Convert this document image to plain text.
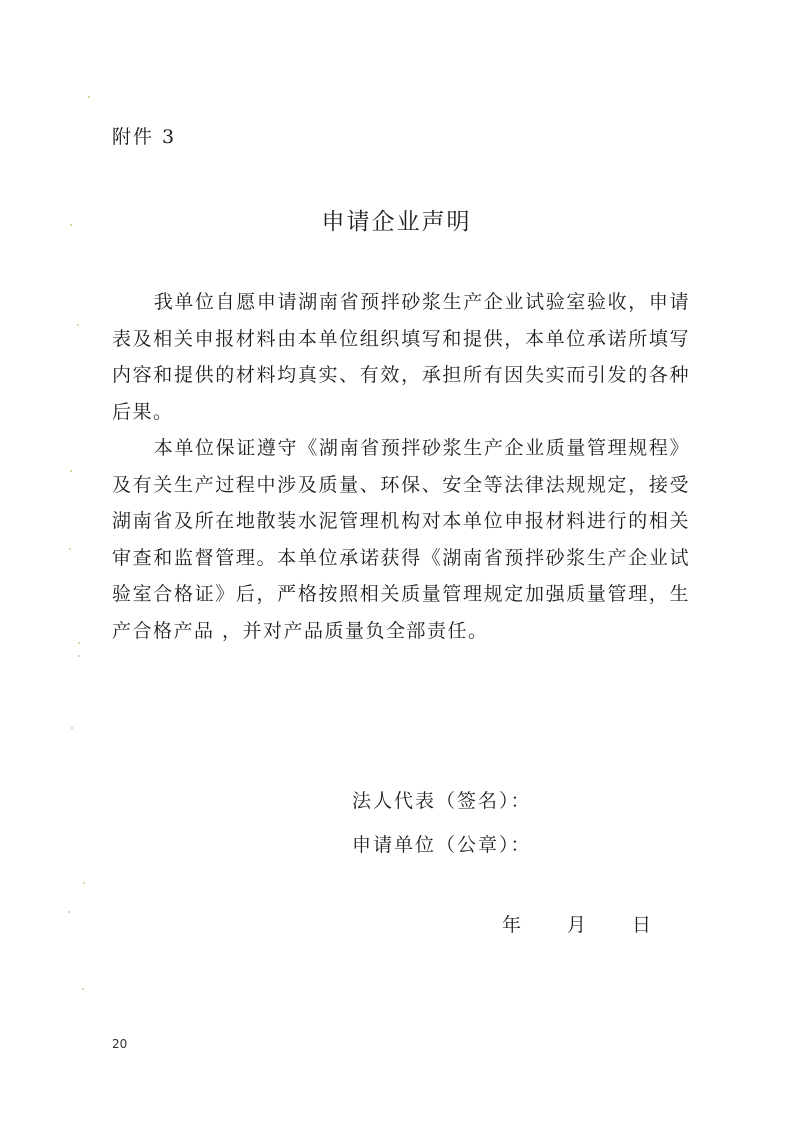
附件 3
申请企业声明

我单位自愿申请湖南省预拌砂浆生产企业试验室验收，申请表及相关申报材料由本单位组织填写和提供，本单位承诺所填写内容和提供的材料均真实、有效，承担所有因失实而引发的各种后果。

本单位保证遵守《湖南省预拌砂浆生产企业质量管理规程》及有关生产过程中涉及质量、环保、安全等法律法规规定，接受湖南省及所在地散装水泥管理机构对本单位申报材料进行的相关审查和监督管理。本单位承诺获得《湖南省预拌砂浆生产企业试验室合格证》后，严格按照相关质量管理规定加强质量管理，生产合格产品 ，并对产品质量负全部责任。

法人代表（签名）：
申请单位（公章）：
年 月 日
20
